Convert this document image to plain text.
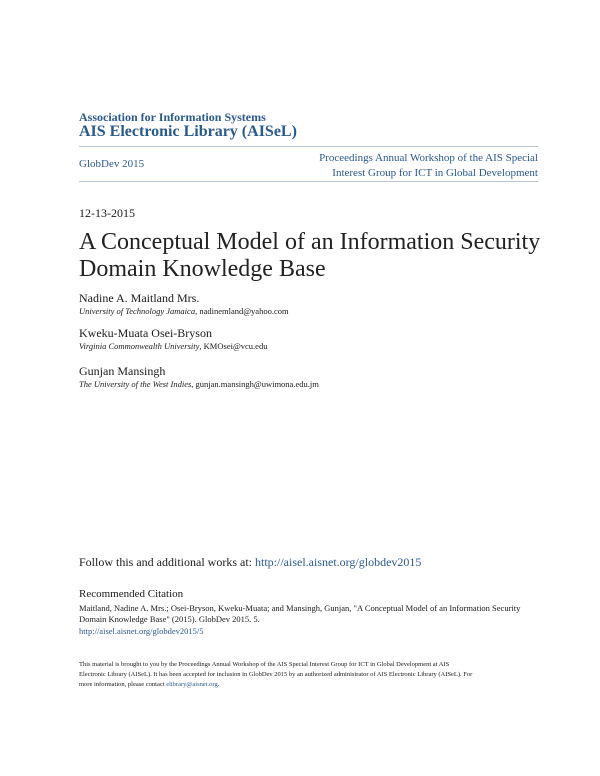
Association for Information Systems
AIS Electronic Library (AISeL)
GlobDev 2015	Proceedings Annual Workshop of the AIS Special
Interest Group for ICT in Global Development
12-13-2015
A Conceptual Model of an Information Security
Domain Knowledge Base
Nadine A. Maitland Mrs.
University of Technology Jamaica, nadinemland@yahoo.com
Kweku-Muata Osei-Bryson
Virginia Commonwealth University, KMOsei@vcu.edu
Gunjan Mansingh
The University of the West Indies, gunjan.mansingh@uwimona.edu.jm
Follow this and additional works at: http://aisel.aisnet.org/globdev2015
Recommended Citation
Maitland, Nadine A. Mrs.; Osei-Bryson, Kweku-Muata; and Mansingh, Gunjan, "A Conceptual Model of an Information Security
Domain Knowledge Base" (2015). GlobDev 2015. 5.
http://aisel.aisnet.org/globdev2015/5
This material is brought to you by the Proceedings Annual Workshop of the AIS Special Interest Group for ICT in Global Development at AIS
Electronic Library (AISeL). It has been accepted for inclusion in GlobDev 2015 by an authorized administrator of AIS Electronic Library (AISeL). For
more information, please contact elibrary@aisnet.org.
